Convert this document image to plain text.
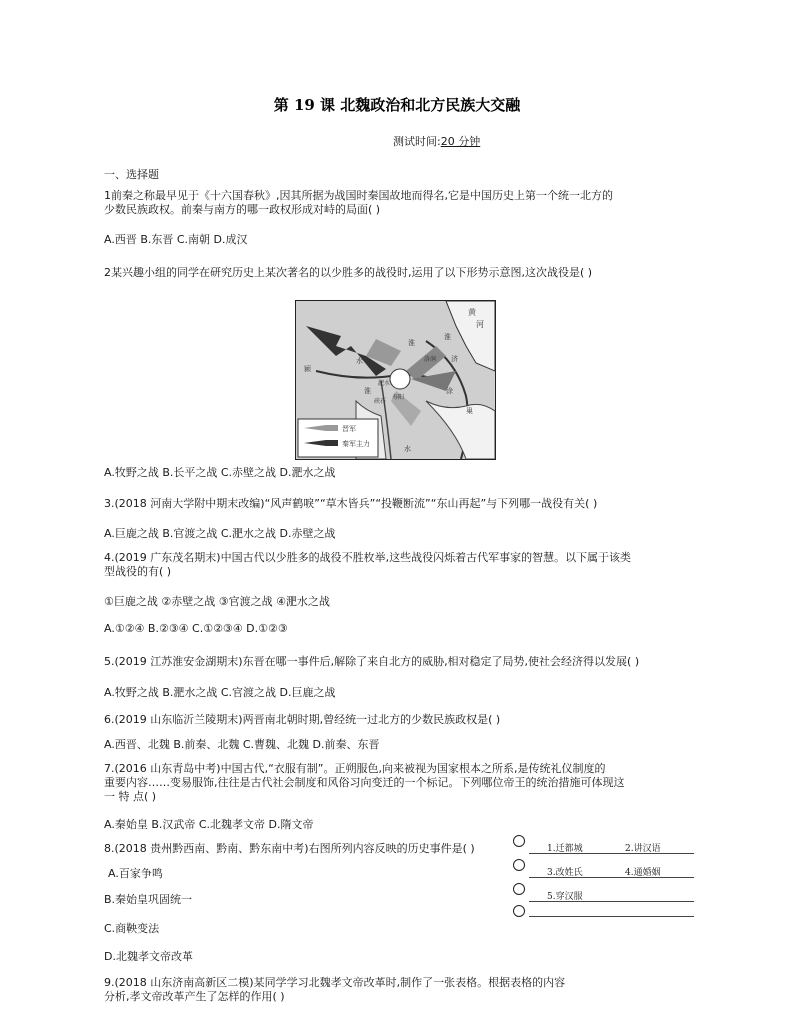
第 19 课 北魏政治和北方民族大交融
测试时间:20 分钟
一、选择题
1前秦之称最早见于《十六国春秋》,因其所据为战国时秦国故地而得名,它是中国历史上第一个统一北方的
少数民族政权。前秦与南方的哪一政权形成对峙的局面( )
A.西晋 B.东晋 C.南朝 D.成汉
2某兴趣小组的同学在研究历史上某次著名的以少胜多的战役时,运用了以下形势示意图,这次战役是( )
黄
河
颍
水
淮
淝水
洛涧
寿阳
硖石
济
淮
涂
水
巢
淮
晋军
秦军主力
A.牧野之战 B.长平之战 C.赤壁之战 D.淝水之战
3.(2018 河南大学附中期末改编)“风声鹤唳”“草木皆兵”“投鞭断流”“东山再起”与下列哪一战役有关( )
A.巨鹿之战 B.官渡之战 C.淝水之战 D.赤壁之战
4.(2019 广东茂名期末)中国古代以少胜多的战役不胜枚举,这些战役闪烁着古代军事家的智慧。以下属于该类
型战役的有( )
①巨鹿之战 ②赤壁之战 ③官渡之战 ④淝水之战
A.①②④ B.②③④ C.①②③④ D.①②③
5.(2019 江苏淮安金湖期末)东晋在哪一事件后,解除了来自北方的威胁,相对稳定了局势,使社会经济得以发展( )
A.牧野之战 B.淝水之战 C.官渡之战 D.巨鹿之战
6.(2019 山东临沂兰陵期末)两晋南北朝时期,曾经统一过北方的少数民族政权是( )
A.西晋、北魏 B.前秦、北魏 C.曹魏、北魏 D.前秦、东晋
7.(2016 山东青岛中考)中国古代,“衣服有制”。正朔服色,向来被视为国家根本之所系,是传统礼仪制度的
重要内容……变易服饰,往往是古代社会制度和风俗习向变迁的一个标记。下列哪位帝王的统治措施可体现这
一 特 点( )
A.秦始皇 B.汉武帝 C.北魏孝文帝 D.隋文帝
8.(2018 贵州黔西南、黔南、黔东南中考)右图所列内容反映的历史事件是( )
A.百家争鸣
B.秦始皇巩固统一
C.商鞅变法
D.北魏孝文帝改革
1.迁都城	2.讲汉语
3.改姓氏	4.通婚姻
5.穿汉服
9.(2018 山东济南高新区二模)某同学学习北魏孝文帝改革时,制作了一张表格。根据表格的内容
分析,孝文帝改革产生了怎样的作用( )
